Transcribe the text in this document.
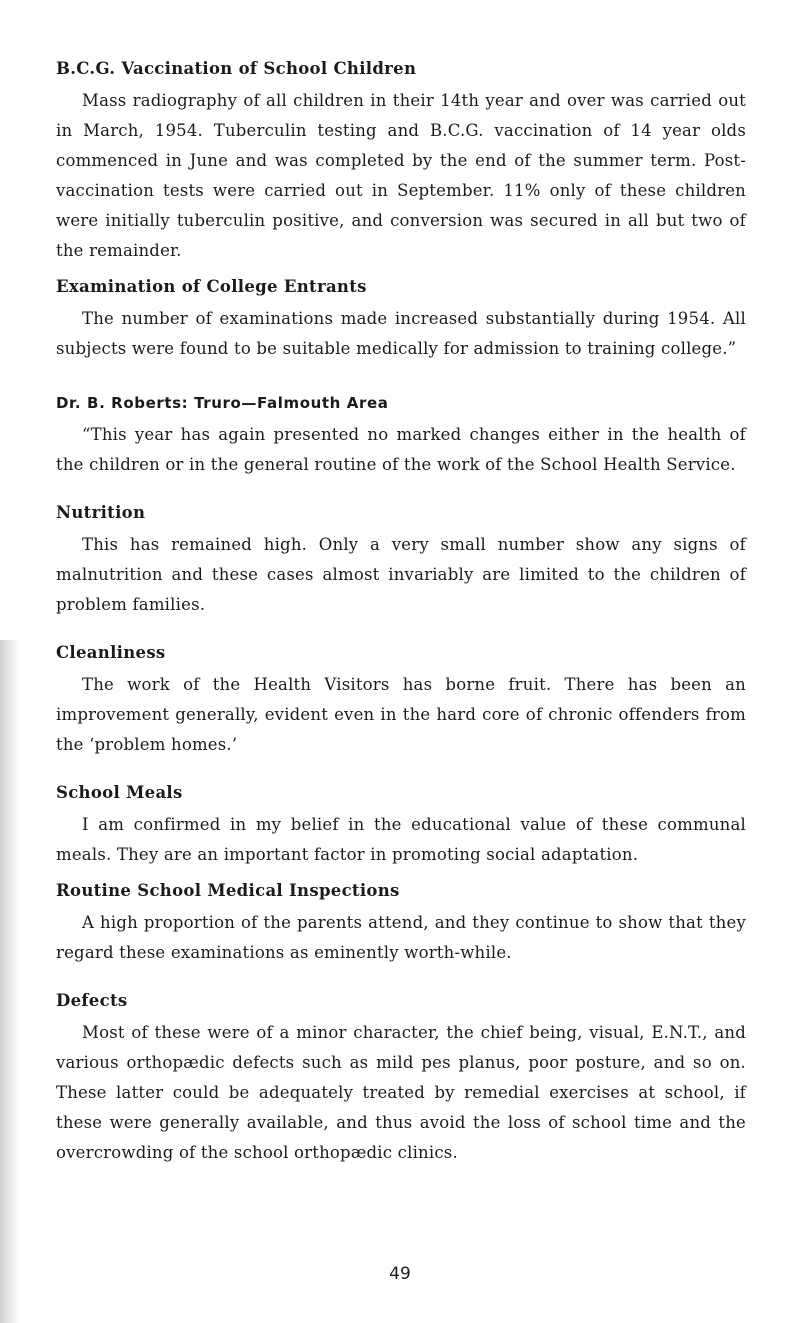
B.C.G. Vaccination of School Children

Mass radiography of all children in their 14th year and over was carried out in March, 1954. Tuberculin testing and B.C.G. vaccination of 14 year olds commenced in June and was completed by the end of the summer term. Post-vaccination tests were carried out in September. 11% only of these children were initially tuberculin positive, and conversion was secured in all but two of the remainder.

Examination of College Entrants

The number of examinations made increased substantially during 1954. All subjects were found to be suitable medically for admission to training college.”

Dr. B. Roberts: Truro—Falmouth Area

“This year has again presented no marked changes either in the health of the children or in the general routine of the work of the School Health Service.

Nutrition

This has remained high. Only a very small number show any signs of malnutrition and these cases almost invariably are limited to the children of problem families.

Cleanliness

The work of the Health Visitors has borne fruit. There has been an improvement generally, evident even in the hard core of chronic offenders from the ‘problem homes.’

School Meals

I am confirmed in my belief in the educational value of these communal meals. They are an important factor in promoting social adaptation.

Routine School Medical Inspections

A high proportion of the parents attend, and they continue to show that they regard these examinations as eminently worth-while.

Defects

Most of these were of a minor character, the chief being, visual, E.N.T., and various orthopædic defects such as mild pes planus, poor posture, and so on. These latter could be adequately treated by remedial exercises at school, if these were generally available, and thus avoid the loss of school time and the overcrowding of the school orthopædic clinics.

49
